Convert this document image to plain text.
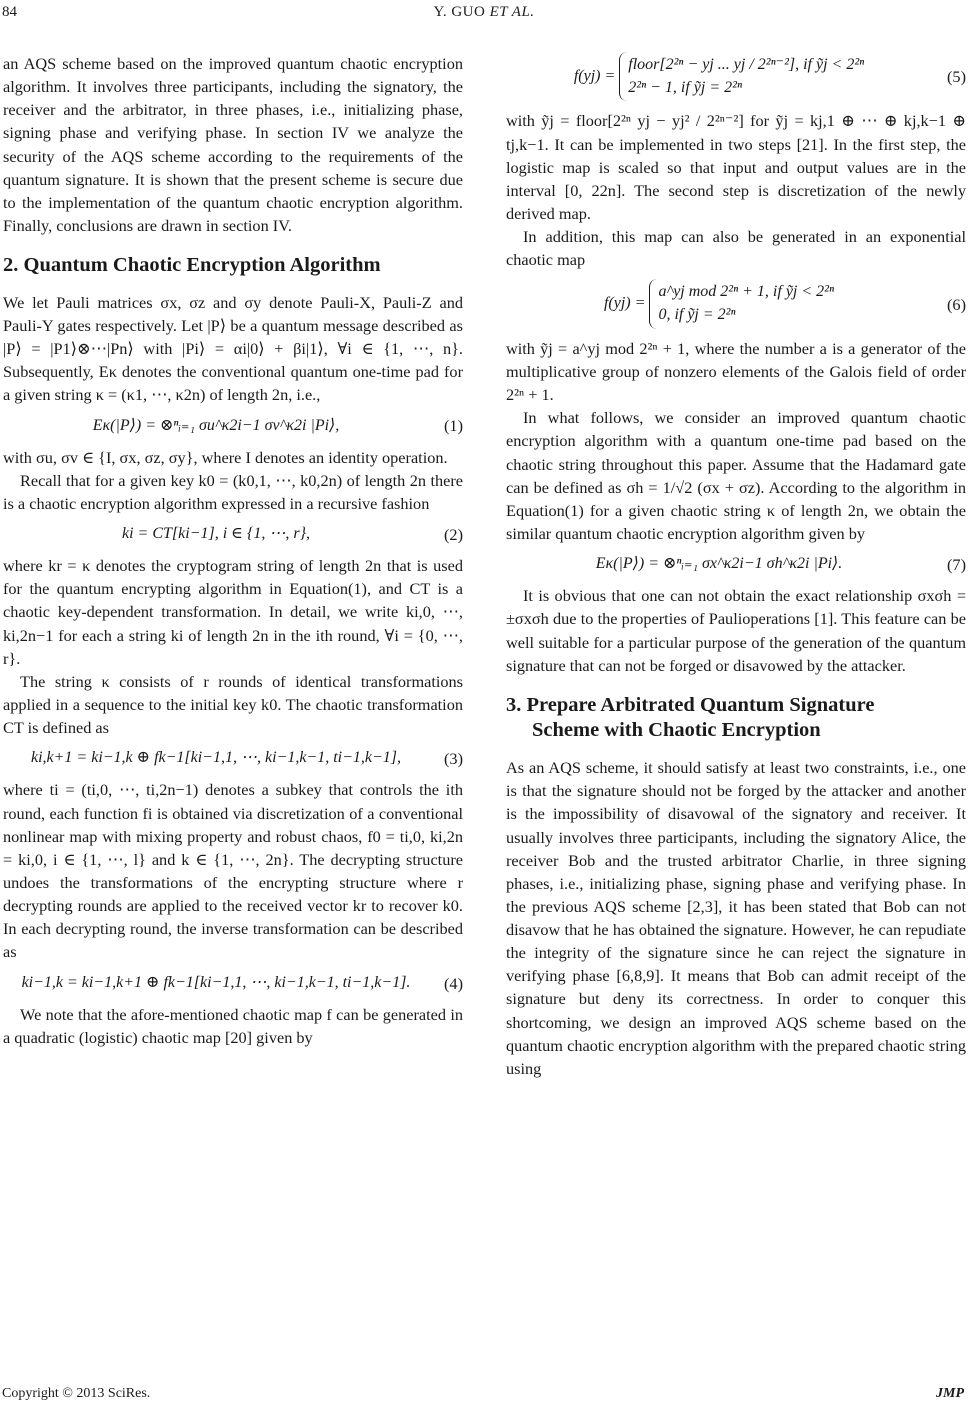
84	Y. GUO ET AL.

an AQS scheme based on the improved quantum chaotic encryption algorithm. It involves three participants, including the signatory, the receiver and the arbitrator, in three phases, i.e., initializing phase, signing phase and verifying phase. In section IV we analyze the security of the AQS scheme according to the requirements of the quantum signature. It is shown that the present scheme is secure due to the implementation of the quantum chaotic encryption algorithm. Finally, conclusions are drawn in section IV.

2. Quantum Chaotic Encryption Algorithm

We let Pauli matrices σx, σz and σy denote Pauli-X, Pauli-Z and Pauli-Y gates respectively. Let |P⟩ be a quantum message described as |P⟩ = |P1⟩⊗⋯|Pn⟩ with |Pi⟩ = αi|0⟩ + βi|1⟩, ∀i ∈ {1, ⋯, n}. Subsequently, Eκ denotes the conventional quantum one-time pad for a given string κ = (κ1, ⋯, κ2n) of length 2n, i.e.,

Eκ(|P⟩) = ⊗ⁿᵢ₌₁ σu^κ2i−1 σv^κ2i |Pi⟩,	(1)

with σu, σv ∈ {I, σx, σz, σy}, where I denotes an identity operation.

Recall that for a given key k0 = (k0,1, ⋯, k0,2n) of length 2n there is a chaotic encryption algorithm expressed in a recursive fashion

ki = CT[ki−1], i ∈ {1, ⋯, r},	(2)

where kr = κ denotes the cryptogram string of length 2n that is used for the quantum encrypting algorithm in Equation(1), and CT is a chaotic key-dependent transformation. In detail, we write ki,0, ⋯, ki,2n−1 for each a string ki of length 2n in the ith round, ∀i = {0, ⋯, r}.

The string κ consists of r rounds of identical transformations applied in a sequence to the initial key k0. The chaotic transformation CT is defined as

ki,k+1 = ki−1,k ⊕ fk−1[ki−1,1, ⋯, ki−1,k−1, ti−1,k−1],	(3)

where ti = (ti,0, ⋯, ti,2n−1) denotes a subkey that controls the ith round, each function fi is obtained via discretization of a conventional nonlinear map with mixing property and robust chaos, f0 = ti,0, ki,2n = ki,0, i ∈ {1, ⋯, l} and k ∈ {1, ⋯, 2n}. The decrypting structure undoes the transformations of the encrypting structure where r decrypting rounds are applied to the received vector kr to recover k0. In each decrypting round, the inverse transformation can be described as

ki−1,k = ki−1,k+1 ⊕ fk−1[ki−1,1, ⋯, ki−1,k−1, ti−1,k−1].	(4)

We note that the afore-mentioned chaotic map f can be generated in a quadratic (logistic) chaotic map [20] given by

f(yj) =
floor[2²ⁿ − yj ... yj / 2²ⁿ⁻²], if ỹj < 2²ⁿ
2²ⁿ − 1, if ỹj = 2²ⁿ
(5)

with ỹj = floor[2²ⁿ yj − yj² / 2²ⁿ⁻²] for ỹj = kj,1 ⊕ ⋯ ⊕ kj,k−1 ⊕ tj,k−1. It can be implemented in two steps [21]. In the first step, the logistic map is scaled so that input and output values are in the interval [0, 22n]. The second step is discretization of the newly derived map.

In addition, this map can also be generated in an exponential chaotic map

f(yj) =
a^yj mod 2²ⁿ + 1, if ỹj < 2²ⁿ
0, if ỹj = 2²ⁿ
(6)

with ỹj = a^yj mod 2²ⁿ + 1, where the number a is a generator of the multiplicative group of nonzero elements of the Galois field of order 2²ⁿ + 1.

In what follows, we consider an improved quantum chaotic encryption algorithm with a quantum one-time pad based on the chaotic string throughout this paper. Assume that the Hadamard gate can be defined as σh = 1/√2 (σx + σz). According to the algorithm in Equation(1) for a given chaotic string κ of length 2n, we obtain the similar quantum chaotic encryption algorithm given by

Eκ(|P⟩) = ⊗ⁿᵢ₌₁ σx^κ2i−1 σh^κ2i |Pi⟩.	(7)

It is obvious that one can not obtain the exact relationship σxσh = ±σxσh due to the properties of Paulioperations [1]. This feature can be well suitable for a particular purpose of the generation of the quantum signature that can not be forged or disavowed by the attacker.

3. Prepare Arbitrated Quantum Signature
Scheme with Chaotic Encryption

As an AQS scheme, it should satisfy at least two constraints, i.e., one is that the signature should not be forged by the attacker and another is the impossibility of disavowal of the signatory and receiver. It usually involves three participants, including the signatory Alice, the receiver Bob and the trusted arbitrator Charlie, in three signing phases, i.e., initializing phase, signing phase and verifying phase. In the previous AQS scheme [2,3], it has been stated that Bob can not disavow that he has obtained the signature. However, he can repudiate the integrity of the signature since he can reject the signature in verifying phase [6,8,9]. It means that Bob can admit receipt of the signature but deny its correctness. In order to conquer this shortcoming, we design an improved AQS scheme based on the quantum chaotic encryption algorithm with the prepared chaotic string using

Copyright © 2013 SciRes.	JMP
